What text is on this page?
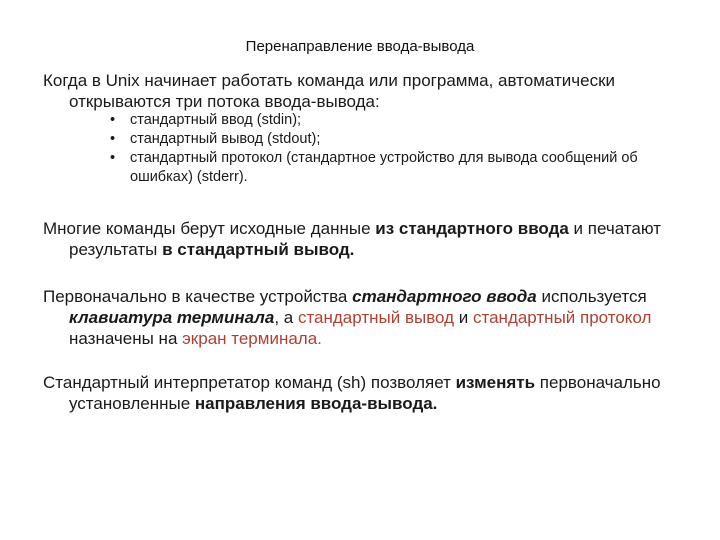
Перенаправление ввода-вывода
Когда в Unix начинает работать команда или программа, автоматически открываются три потока ввода-вывода:
• стандартный ввод (stdin);
• стандартный вывод (stdout);
• стандартный протокол (стандартное устройство для вывода сообщений об ошибках) (stderr).
Многие команды берут исходные данные из стандартного ввода и печатают результаты в стандартный вывод.
Первоначально в качестве устройства стандартного ввода используется клавиатура терминала, а стандартный вывод и стандартный протокол назначены на экран терминала.
Стандартный интерпретатор команд (sh) позволяет изменять первоначально установленные направления ввода-вывода.
